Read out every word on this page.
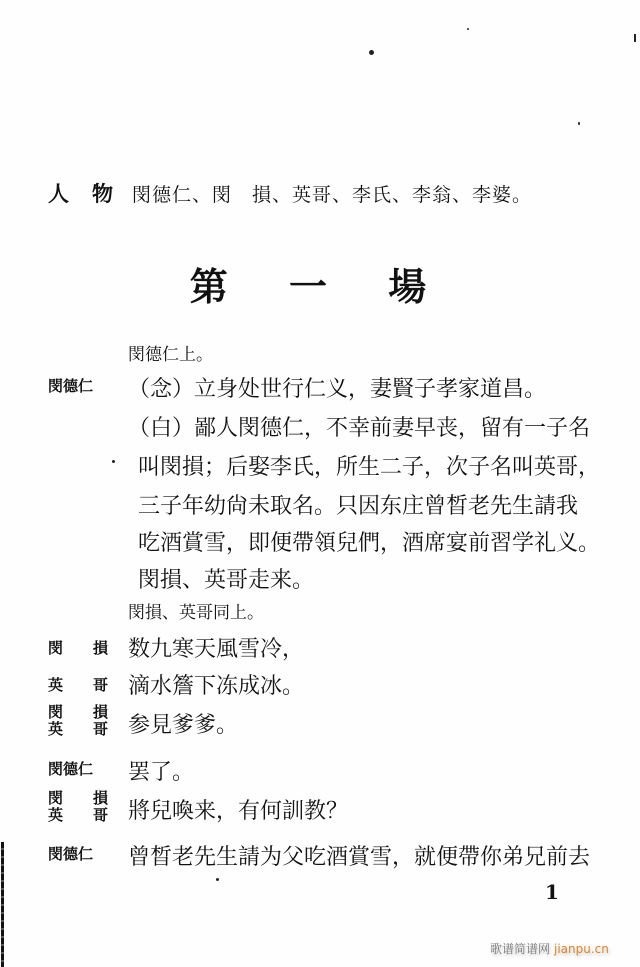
人 物 閔德仁、閔　損、英哥、李氏、李翁、李婆。
第 一 場
閔德仁上。
閔德仁	（念）立身处世行仁义，妻賢子孝家道昌。
（白）鄙人閔德仁，不幸前妻早丧，留有一子名
叫閔損；后娶李氏，所生二子，次子名叫英哥，
三子年幼尙未取名。只因东庄曾晳老先生請我
吃酒賞雪，即便帶領兒們，酒席宴前習学礼义。
閔損、英哥走来。
閔損、英哥同上。
閔 損 数九寒天風雪冷，
英 哥 滴水簷下冻成冰。
閔 損
英 哥 参見爹爹。
閔德仁	罢了。
閔 損
英 哥 將兒喚来，有何訓教？
閔德仁	曾晳老先生請为父吃酒賞雪，就便帶你弟兄前去
1
歌谱简谱网 jianpu.cn
